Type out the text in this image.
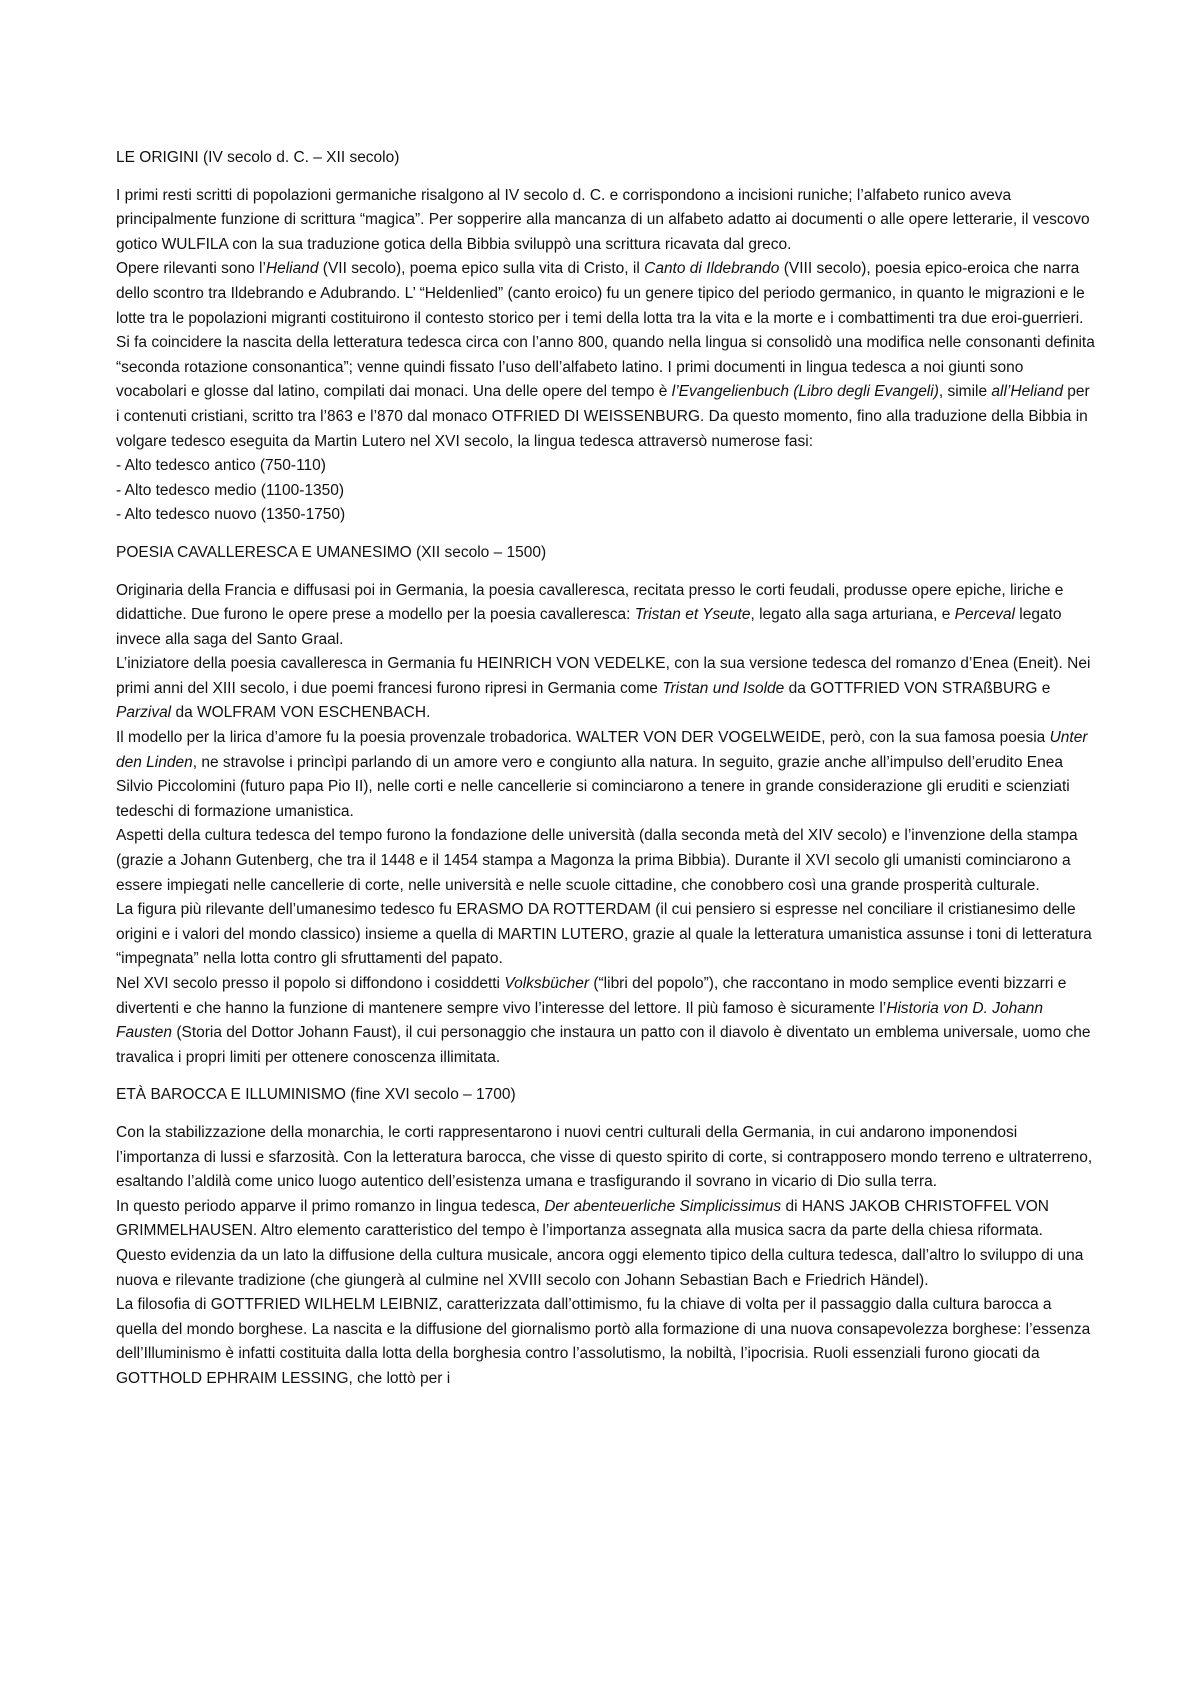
LE ORIGINI (IV secolo d. C. – XII secolo)

I primi resti scritti di popolazioni germaniche risalgono al IV secolo d. C. e corrispondono a incisioni runiche; l’alfabeto runico aveva principalmente funzione di scrittura “magica”. Per sopperire alla mancanza di un alfabeto adatto ai documenti o alle opere letterarie, il vescovo gotico WULFILA con la sua traduzione gotica della Bibbia sviluppò una scrittura ricavata dal greco.

Opere rilevanti sono l’Heliand (VII secolo), poema epico sulla vita di Cristo, il Canto di Ildebrando (VIII secolo), poesia epico-eroica che narra dello scontro tra Ildebrando e Adubrando. L’ “Heldenlied” (canto eroico) fu un genere tipico del periodo germanico, in quanto le migrazioni e le lotte tra le popolazioni migranti costituirono il contesto storico per i temi della lotta tra la vita e la morte e i combattimenti tra due eroi-guerrieri.

Si fa coincidere la nascita della letteratura tedesca circa con l’anno 800, quando nella lingua si consolidò una modifica nelle consonanti definita “seconda rotazione consonantica”; venne quindi fissato l’uso dell’alfabeto latino. I primi documenti in lingua tedesca a noi giunti sono vocabolari e glosse dal latino, compilati dai monaci. Una delle opere del tempo è l’Evangelienbuch (Libro degli Evangeli), simile all’Heliand per i contenuti cristiani, scritto tra l’863 e l’870 dal monaco OTFRIED DI WEISSENBURG. Da questo momento, fino alla traduzione della Bibbia in volgare tedesco eseguita da Martin Lutero nel XVI secolo, la lingua tedesca attraversò numerose fasi:

- Alto tedesco antico (750-110)
- Alto tedesco medio (1100-1350)
- Alto tedesco nuovo (1350-1750)
POESIA CAVALLERESCA E UMANESIMO (XII secolo – 1500)

Originaria della Francia e diffusasi poi in Germania, la poesia cavalleresca, recitata presso le corti feudali, produsse opere epiche, liriche e didattiche. Due furono le opere prese a modello per la poesia cavalleresca: Tristan et Yseute, legato alla saga arturiana, e Perceval legato invece alla saga del Santo Graal.

L’iniziatore della poesia cavalleresca in Germania fu HEINRICH VON VEDELKE, con la sua versione tedesca del romanzo d’Enea (Eneit). Nei primi anni del XIII secolo, i due poemi francesi furono ripresi in Germania come Tristan und Isolde da GOTTFRIED VON STRAßBURG e Parzival da WOLFRAM VON ESCHENBACH.

Il modello per la lirica d’amore fu la poesia provenzale trobadorica. WALTER VON DER VOGELWEIDE, però, con la sua famosa poesia Unter den Linden, ne stravolse i princìpi parlando di un amore vero e congiunto alla natura. In seguito, grazie anche all’impulso dell’erudito Enea Silvio Piccolomini (futuro papa Pio II), nelle corti e nelle cancellerie si cominciarono a tenere in grande considerazione gli eruditi e scienziati tedeschi di formazione umanistica.

Aspetti della cultura tedesca del tempo furono la fondazione delle università (dalla seconda metà del XIV secolo) e l’invenzione della stampa (grazie a Johann Gutenberg, che tra il 1448 e il 1454 stampa a Magonza la prima Bibbia). Durante il XVI secolo gli umanisti cominciarono a essere impiegati nelle cancellerie di corte, nelle università e nelle scuole cittadine, che conobbero così una grande prosperità culturale.

La figura più rilevante dell’umanesimo tedesco fu ERASMO DA ROTTERDAM (il cui pensiero si espresse nel conciliare il cristianesimo delle origini e i valori del mondo classico) insieme a quella di MARTIN LUTERO, grazie al quale la letteratura umanistica assunse i toni di letteratura “impegnata” nella lotta contro gli sfruttamenti del papato.

Nel XVI secolo presso il popolo si diffondono i cosiddetti Volksbücher (“libri del popolo”), che raccontano in modo semplice eventi bizzarri e divertenti e che hanno la funzione di mantenere sempre vivo l’interesse del lettore. Il più famoso è sicuramente l’Historia von D. Johann Fausten (Storia del Dottor Johann Faust), il cui personaggio che instaura un patto con il diavolo è diventato un emblema universale, uomo che travalica i propri limiti per ottenere conoscenza illimitata.

ETÀ BAROCCA E ILLUMINISMO (fine XVI secolo – 1700)

Con la stabilizzazione della monarchia, le corti rappresentarono i nuovi centri culturali della Germania, in cui andarono imponendosi l’importanza di lussi e sfarzosità. Con la letteratura barocca, che visse di questo spirito di corte, si contrapposero mondo terreno e ultraterreno, esaltando l’aldilà come unico luogo autentico dell’esistenza umana e trasfigurando il sovrano in vicario di Dio sulla terra.

In questo periodo apparve il primo romanzo in lingua tedesca, Der abenteuerliche Simplicissimus di HANS JAKOB CHRISTOFFEL VON GRIMMELHAUSEN. Altro elemento caratteristico del tempo è l’importanza assegnata alla musica sacra da parte della chiesa riformata. Questo evidenzia da un lato la diffusione della cultura musicale, ancora oggi elemento tipico della cultura tedesca, dall’altro lo sviluppo di una nuova e rilevante tradizione (che giungerà al culmine nel XVIII secolo con Johann Sebastian Bach e Friedrich Händel).

La filosofia di GOTTFRIED WILHELM LEIBNIZ, caratterizzata dall’ottimismo, fu la chiave di volta per il passaggio dalla cultura barocca a quella del mondo borghese. La nascita e la diffusione del giornalismo portò alla formazione di una nuova consapevolezza borghese: l’essenza dell’Illuminismo è infatti costituita dalla lotta della borghesia contro l’assolutismo, la nobiltà, l’ipocrisia. Ruoli essenziali furono giocati da GOTTHOLD EPHRAIM LESSING, che lottò per i
